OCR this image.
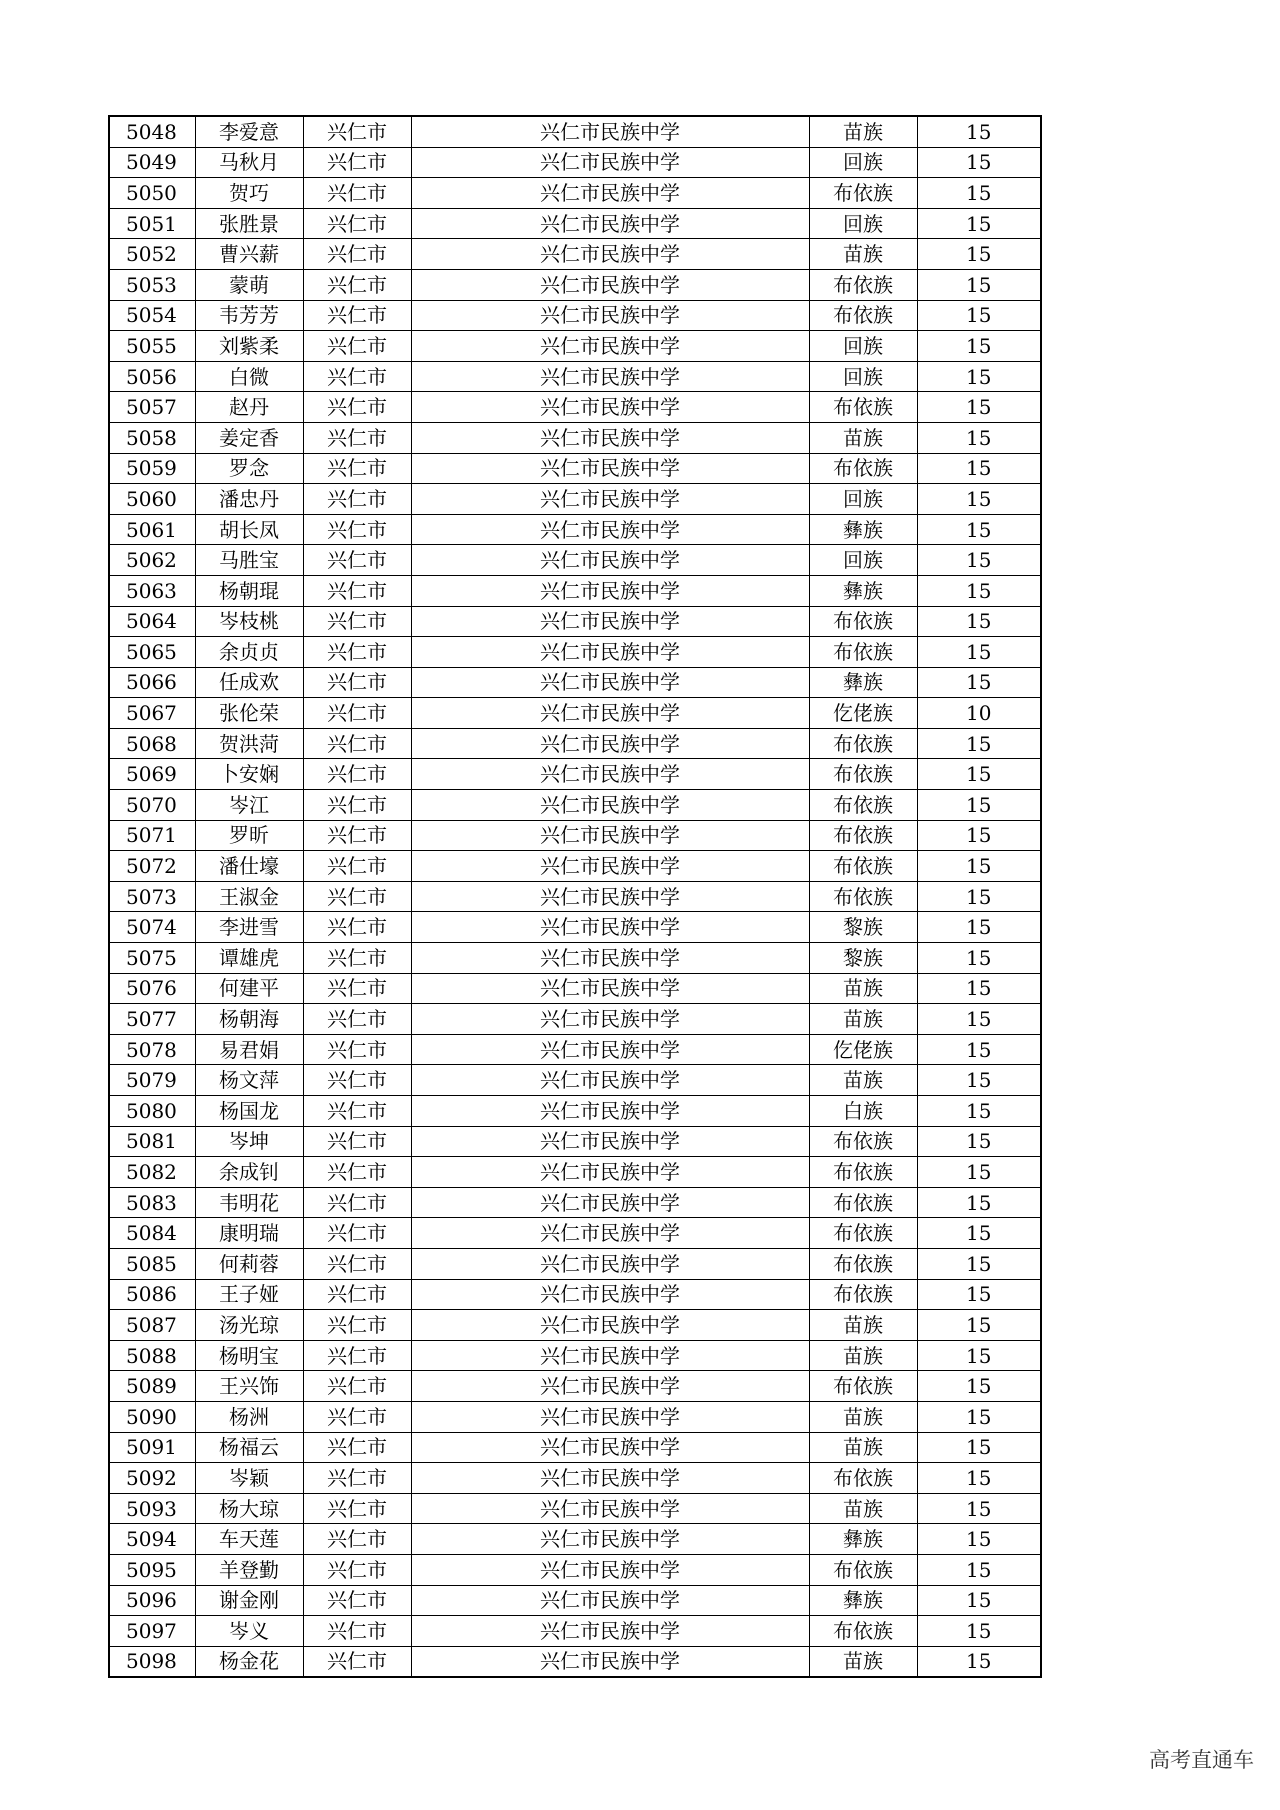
5048	李爱意	兴仁市	兴仁市民族中学	苗族	15
5049	马秋月	兴仁市	兴仁市民族中学	回族	15
5050	贺巧	兴仁市	兴仁市民族中学	布依族	15
5051	张胜景	兴仁市	兴仁市民族中学	回族	15
5052	曹兴薪	兴仁市	兴仁市民族中学	苗族	15
5053	蒙萌	兴仁市	兴仁市民族中学	布依族	15
5054	韦芳芳	兴仁市	兴仁市民族中学	布依族	15
5055	刘紫柔	兴仁市	兴仁市民族中学	回族	15
5056	白微	兴仁市	兴仁市民族中学	回族	15
5057	赵丹	兴仁市	兴仁市民族中学	布依族	15
5058	姜定香	兴仁市	兴仁市民族中学	苗族	15
5059	罗念	兴仁市	兴仁市民族中学	布依族	15
5060	潘忠丹	兴仁市	兴仁市民族中学	回族	15
5061	胡长凤	兴仁市	兴仁市民族中学	彝族	15
5062	马胜宝	兴仁市	兴仁市民族中学	回族	15
5063	杨朝琨	兴仁市	兴仁市民族中学	彝族	15
5064	岑枝桃	兴仁市	兴仁市民族中学	布依族	15
5065	余贞贞	兴仁市	兴仁市民族中学	布依族	15
5066	任成欢	兴仁市	兴仁市民族中学	彝族	15
5067	张伦荣	兴仁市	兴仁市民族中学	仡佬族	10
5068	贺洪菏	兴仁市	兴仁市民族中学	布依族	15
5069	卜安娴	兴仁市	兴仁市民族中学	布依族	15
5070	岑江	兴仁市	兴仁市民族中学	布依族	15
5071	罗昕	兴仁市	兴仁市民族中学	布依族	15
5072	潘仕壕	兴仁市	兴仁市民族中学	布依族	15
5073	王淑金	兴仁市	兴仁市民族中学	布依族	15
5074	李进雪	兴仁市	兴仁市民族中学	黎族	15
5075	谭雄虎	兴仁市	兴仁市民族中学	黎族	15
5076	何建平	兴仁市	兴仁市民族中学	苗族	15
5077	杨朝海	兴仁市	兴仁市民族中学	苗族	15
5078	易君娟	兴仁市	兴仁市民族中学	仡佬族	15
5079	杨文萍	兴仁市	兴仁市民族中学	苗族	15
5080	杨国龙	兴仁市	兴仁市民族中学	白族	15
5081	岑坤	兴仁市	兴仁市民族中学	布依族	15
5082	余成钊	兴仁市	兴仁市民族中学	布依族	15
5083	韦明花	兴仁市	兴仁市民族中学	布依族	15
5084	康明瑞	兴仁市	兴仁市民族中学	布依族	15
5085	何莉蓉	兴仁市	兴仁市民族中学	布依族	15
5086	王子娅	兴仁市	兴仁市民族中学	布依族	15
5087	汤光琼	兴仁市	兴仁市民族中学	苗族	15
5088	杨明宝	兴仁市	兴仁市民族中学	苗族	15
5089	王兴饰	兴仁市	兴仁市民族中学	布依族	15
5090	杨洲	兴仁市	兴仁市民族中学	苗族	15
5091	杨福云	兴仁市	兴仁市民族中学	苗族	15
5092	岑颖	兴仁市	兴仁市民族中学	布依族	15
5093	杨大琼	兴仁市	兴仁市民族中学	苗族	15
5094	车天莲	兴仁市	兴仁市民族中学	彝族	15
5095	羊登勤	兴仁市	兴仁市民族中学	布依族	15
5096	谢金刚	兴仁市	兴仁市民族中学	彝族	15
5097	岑义	兴仁市	兴仁市民族中学	布依族	15
5098	杨金花	兴仁市	兴仁市民族中学	苗族	15
高考直通车
